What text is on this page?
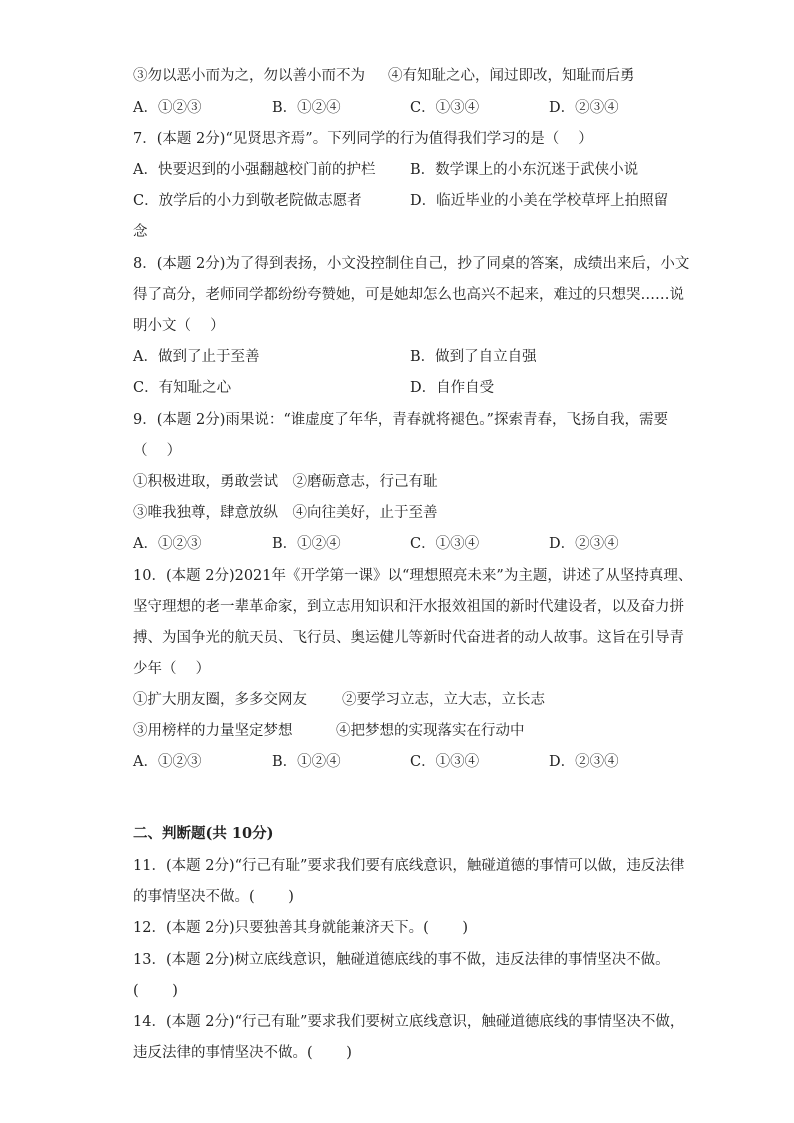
③勿以恶小而为之，勿以善小而不为 ④有知耻之心，闻过即改，知耻而后勇
A．①②③	B．①②④	C．①③④	D．②③④
7．(本题 2分)“见贤思齐焉”。下列同学的行为值得我们学习的是（　 ）
A．快要迟到的小强翻越校门前的护栏 B．数学课上的小东沉迷于武侠小说
C．放学后的小力到敬老院做志愿者	D．临近毕业的小美在学校草坪上拍照留
念
8．(本题 2分)为了得到表扬，小文没控制住自己，抄了同桌的答案，成绩出来后，小文
得了高分，老师同学都纷纷夸赞她，可是她却怎么也高兴不起来，难过的只想哭……说
明小文（　 ）
A．做到了止于至善	B．做到了自立自强
C．有知耻之心	D．自作自受
9．(本题 2分)雨果说：“谁虚度了年华，青春就将褪色。”探索青春，飞扬自我，需要
（　 ）
①积极进取，勇敢尝试　②磨砺意志，行己有耻
③唯我独尊，肆意放纵　④向往美好，止于至善
A．①②③	B．①②④	C．①③④	D．②③④
10．(本题 2分)2021年《开学第一课》以“理想照亮未来”为主题，讲述了从坚持真理、
坚守理想的老一辈革命家，到立志用知识和汗水报效祖国的新时代建设者，以及奋力拼
搏、为国争光的航天员、飞行员、奥运健儿等新时代奋进者的动人故事。这旨在引导青
少年（　 ）
①扩大朋友圈，多多交网友 ②要学习立志，立大志，立长志
③用榜样的力量坚定梦想	④把梦想的实现落实在行动中
A．①②③	B．①②④	C．①③④	D．②③④
二、判断题(共 10分)
11．(本题 2分)“行己有耻”要求我们要有底线意识，触碰道德的事情可以做，违反法律
的事情坚决不做。(　　 )
12．(本题 2分)只要独善其身就能兼济天下。(　　 )
13．(本题 2分)树立底线意识，触碰道德底线的事不做，违反法律的事情坚决不做。
(　　 )
14．(本题 2分)“行己有耻”要求我们要树立底线意识，触碰道德底线的事情坚决不做，
违反法律的事情坚决不做。(　　 )
